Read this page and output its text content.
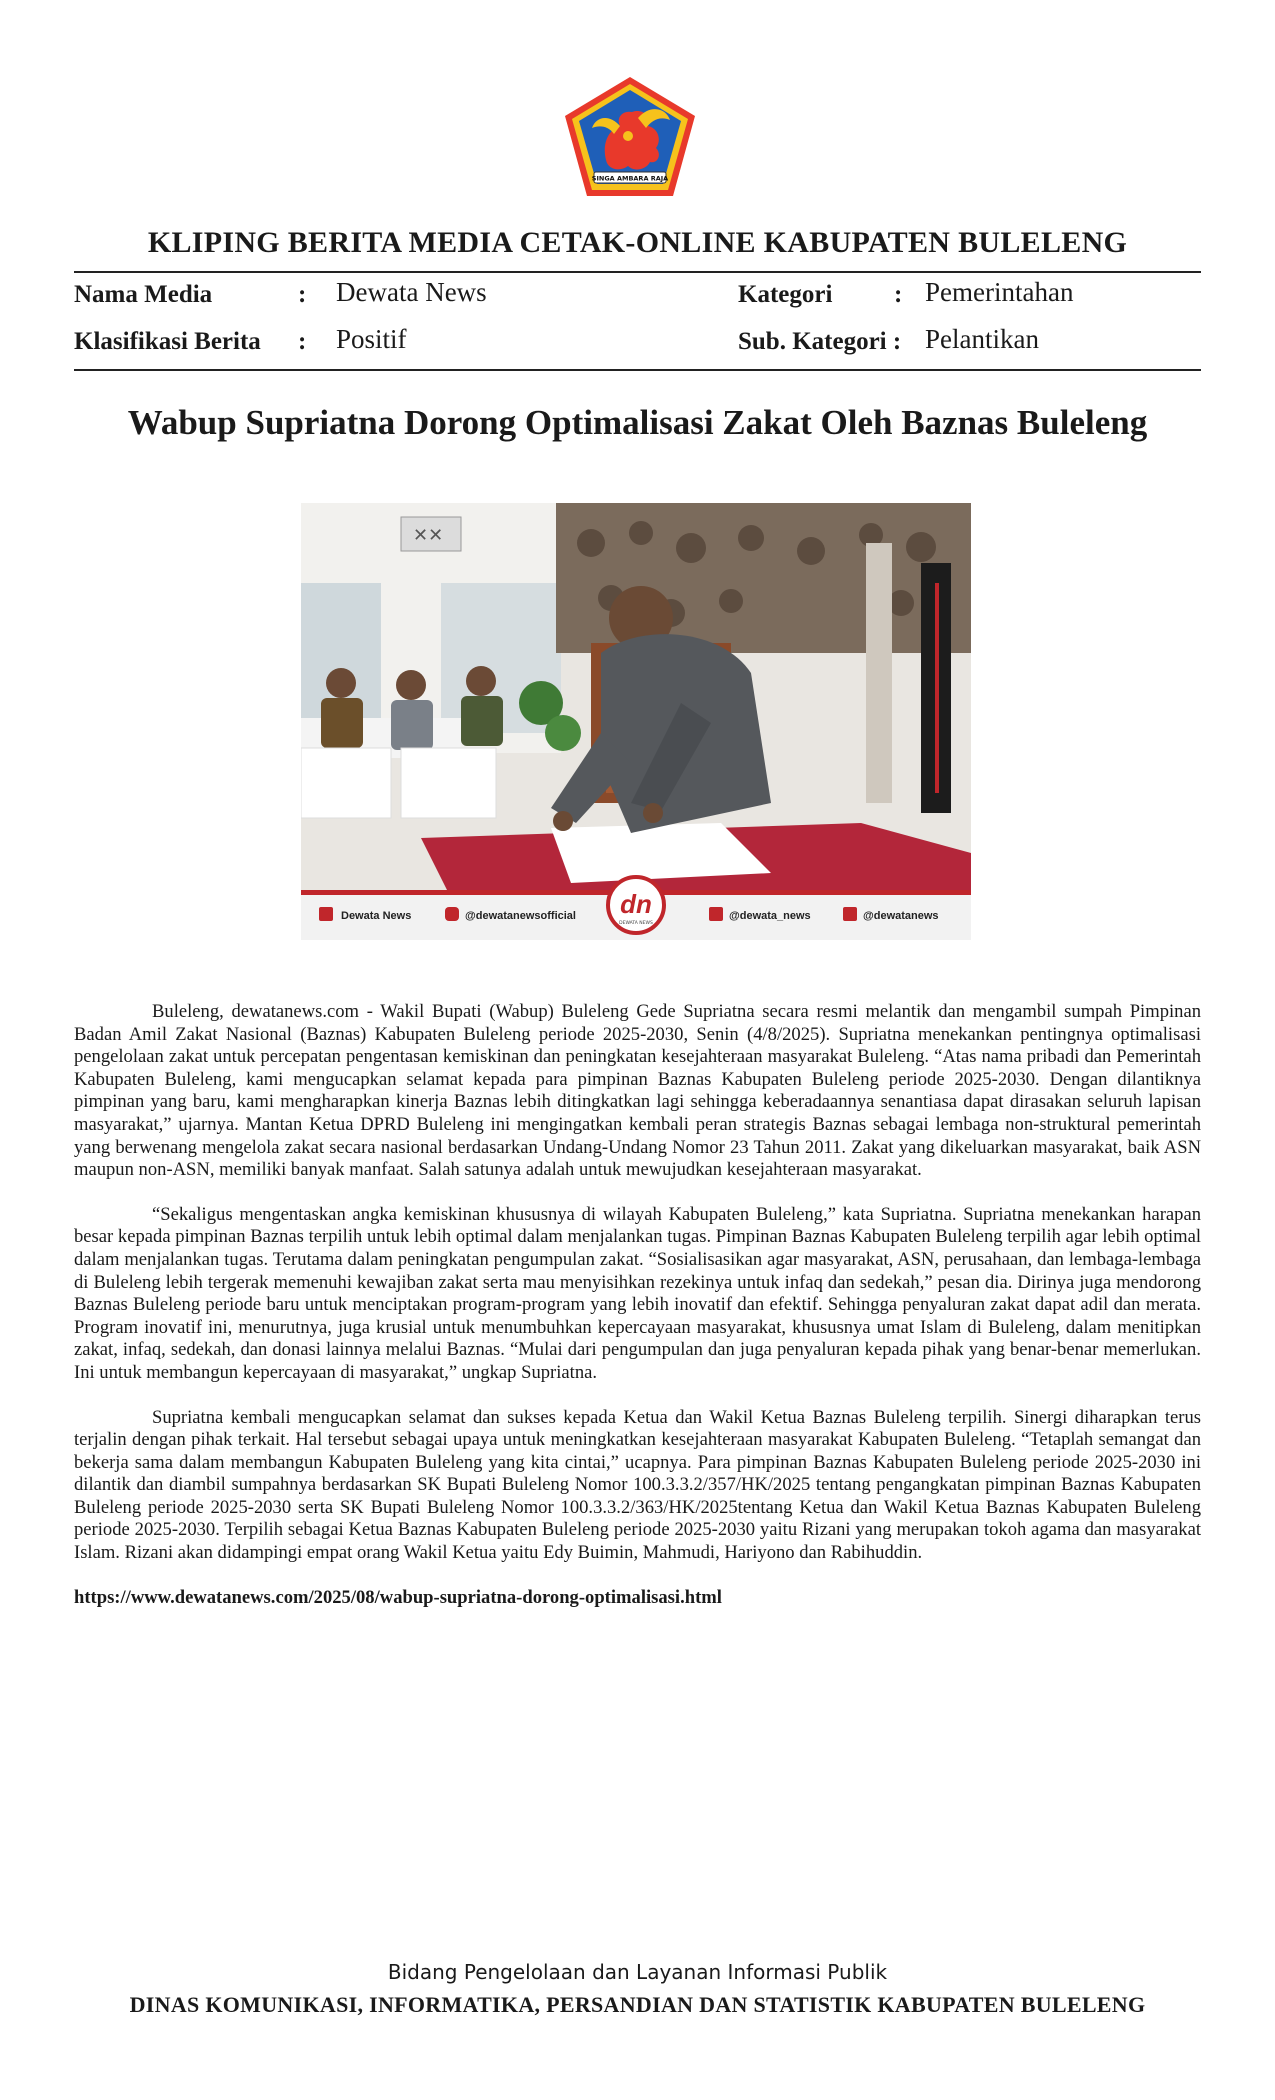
SINGA AMBARA RAJA
KLIPING BERITA MEDIA CETAK-ONLINE KABUPATEN BULELENG
Nama Media	: Dewata News
Klasifikasi Berita : Positif
Kategori : Pemerintahan
Sub. Kategori : Pelantikan
Wabup Supriatna Dorong Optimalisasi Zakat Oleh Baznas Buleleng
✕✕
Dewata News	@dewatanewsofficial dn
DEWATA NEWS
@dewata_news	@dewatanews

Buleleng, dewatanews.com - Wakil Bupati (Wabup) Buleleng Gede Supriatna secara resmi melantik dan mengambil sumpah Pimpinan Badan Amil Zakat Nasional (Baznas) Kabupaten Buleleng periode 2025-2030, Senin (4/8/2025). Supriatna menekankan pentingnya optimalisasi pengelolaan zakat untuk percepatan pengentasan kemiskinan dan peningkatan kesejahteraan masyarakat Buleleng. “Atas nama pribadi dan Pemerintah Kabupaten Buleleng, kami mengucapkan selamat kepada para pimpinan Baznas Kabupaten Buleleng periode 2025-2030. Dengan dilantiknya pimpinan yang baru, kami mengharapkan kinerja Baznas lebih ditingkatkan lagi sehingga keberadaannya senantiasa dapat dirasakan seluruh lapisan masyarakat,” ujarnya. Mantan Ketua DPRD Buleleng ini mengingatkan kembali peran strategis Baznas sebagai lembaga non-struktural pemerintah yang berwenang mengelola zakat secara nasional berdasarkan Undang-Undang Nomor 23 Tahun 2011. Zakat yang dikeluarkan masyarakat, baik ASN maupun non-ASN, memiliki banyak manfaat. Salah satunya adalah untuk mewujudkan kesejahteraan masyarakat.

“Sekaligus mengentaskan angka kemiskinan khususnya di wilayah Kabupaten Buleleng,” kata Supriatna. Supriatna menekankan harapan besar kepada pimpinan Baznas terpilih untuk lebih optimal dalam menjalankan tugas. Pimpinan Baznas Kabupaten Buleleng terpilih agar lebih optimal dalam menjalankan tugas. Terutama dalam peningkatan pengumpulan zakat. “Sosialisasikan agar masyarakat, ASN, perusahaan, dan lembaga-lembaga di Buleleng lebih tergerak memenuhi kewajiban zakat serta mau menyisihkan rezekinya untuk infaq dan sedekah,” pesan dia. Dirinya juga mendorong Baznas Buleleng periode baru untuk menciptakan program-program yang lebih inovatif dan efektif. Sehingga penyaluran zakat dapat adil dan merata. Program inovatif ini, menurutnya, juga krusial untuk menumbuhkan kepercayaan masyarakat, khususnya umat Islam di Buleleng, dalam menitipkan zakat, infaq, sedekah, dan donasi lainnya melalui Baznas. “Mulai dari pengumpulan dan juga penyaluran kepada pihak yang benar-benar memerlukan. Ini untuk membangun kepercayaan di masyarakat,” ungkap Supriatna.

Supriatna kembali mengucapkan selamat dan sukses kepada Ketua dan Wakil Ketua Baznas Buleleng terpilih. Sinergi diharapkan terus terjalin dengan pihak terkait. Hal tersebut sebagai upaya untuk meningkatkan kesejahteraan masyarakat Kabupaten Buleleng. “Tetaplah semangat dan bekerja sama dalam membangun Kabupaten Buleleng yang kita cintai,” ucapnya. Para pimpinan Baznas Kabupaten Buleleng periode 2025-2030 ini dilantik dan diambil sumpahnya berdasarkan SK Bupati Buleleng Nomor 100.3.3.2/357/HK/2025 tentang pengangkatan pimpinan Baznas Kabupaten Buleleng periode 2025-2030 serta SK Bupati Buleleng Nomor 100.3.3.2/363/HK/2025tentang Ketua dan Wakil Ketua Baznas Kabupaten Buleleng periode 2025-2030. Terpilih sebagai Ketua Baznas Kabupaten Buleleng periode 2025-2030 yaitu Rizani yang merupakan tokoh agama dan masyarakat Islam. Rizani akan didampingi empat orang Wakil Ketua yaitu Edy Buimin, Mahmudi, Hariyono dan Rabihuddin.

https://www.dewatanews.com/2025/08/wabup-supriatna-dorong-optimalisasi.html

Bidang Pengelolaan dan Layanan Informasi Publik
DINAS KOMUNIKASI, INFORMATIKA, PERSANDIAN DAN STATISTIK KABUPATEN BULELENG
